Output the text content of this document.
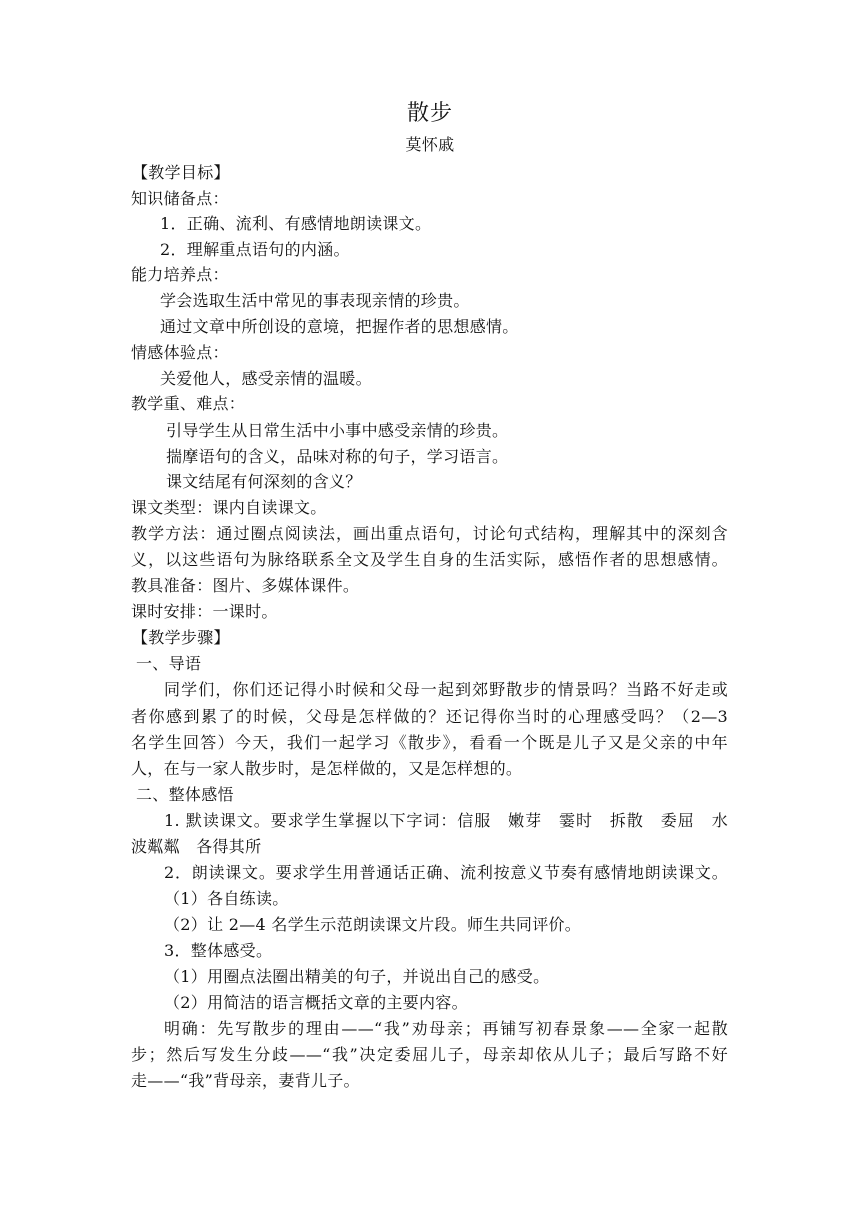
散步
莫怀戚
【教学目标】
知识储备点：
1．正确、流利、有感情地朗读课文。
2．理解重点语句的内涵。
能力培养点：
学会选取生活中常见的事表现亲情的珍贵。
通过文章中所创设的意境，把握作者的思想感情。
情感体验点：
关爱他人，感受亲情的温暖。
教学重、难点：
引导学生从日常生活中小事中感受亲情的珍贵。
揣摩语句的含义，品味对称的句子，学习语言。
课文结尾有何深刻的含义？
课文类型：课内自读课文。
教学方法：通过圈点阅读法，画出重点语句，讨论句式结构，理解其中的深刻含
义，以这些语句为脉络联系全文及学生自身的生活实际，感悟作者的思想感情。
教具准备：图片、多媒体课件。
课时安排：一课时。
【教学步骤】
一、导语
同学们，你们还记得小时候和父母一起到郊野散步的情景吗？当路不好走或
者你感到累了的时候，父母是怎样做的？还记得你当时的心理感受吗？（2—3
名学生回答）今天，我们一起学习《散步》，看看一个既是儿子又是父亲的中年
人，在与一家人散步时，是怎样做的，又是怎样想的。
二、整体感悟
1. 默读课文。要求学生掌握以下字词：信服　嫩芽　霎时　拆散　委屈　水
波粼粼　各得其所
2．朗读课文。要求学生用普通话正确、流利按意义节奏有感情地朗读课文。
（1）各自练读。
（2）让 2—4 名学生示范朗读课文片段。师生共同评价。
3．整体感受。
（1）用圈点法圈出精美的句子，并说出自己的感受。
（2）用简洁的语言概括文章的主要内容。
明确：先写散步的理由——“我”劝母亲；再铺写初春景象——全家一起散
步；然后写发生分歧——“我”决定委屈儿子，母亲却依从儿子；最后写路不好
走——“我”背母亲，妻背儿子。
